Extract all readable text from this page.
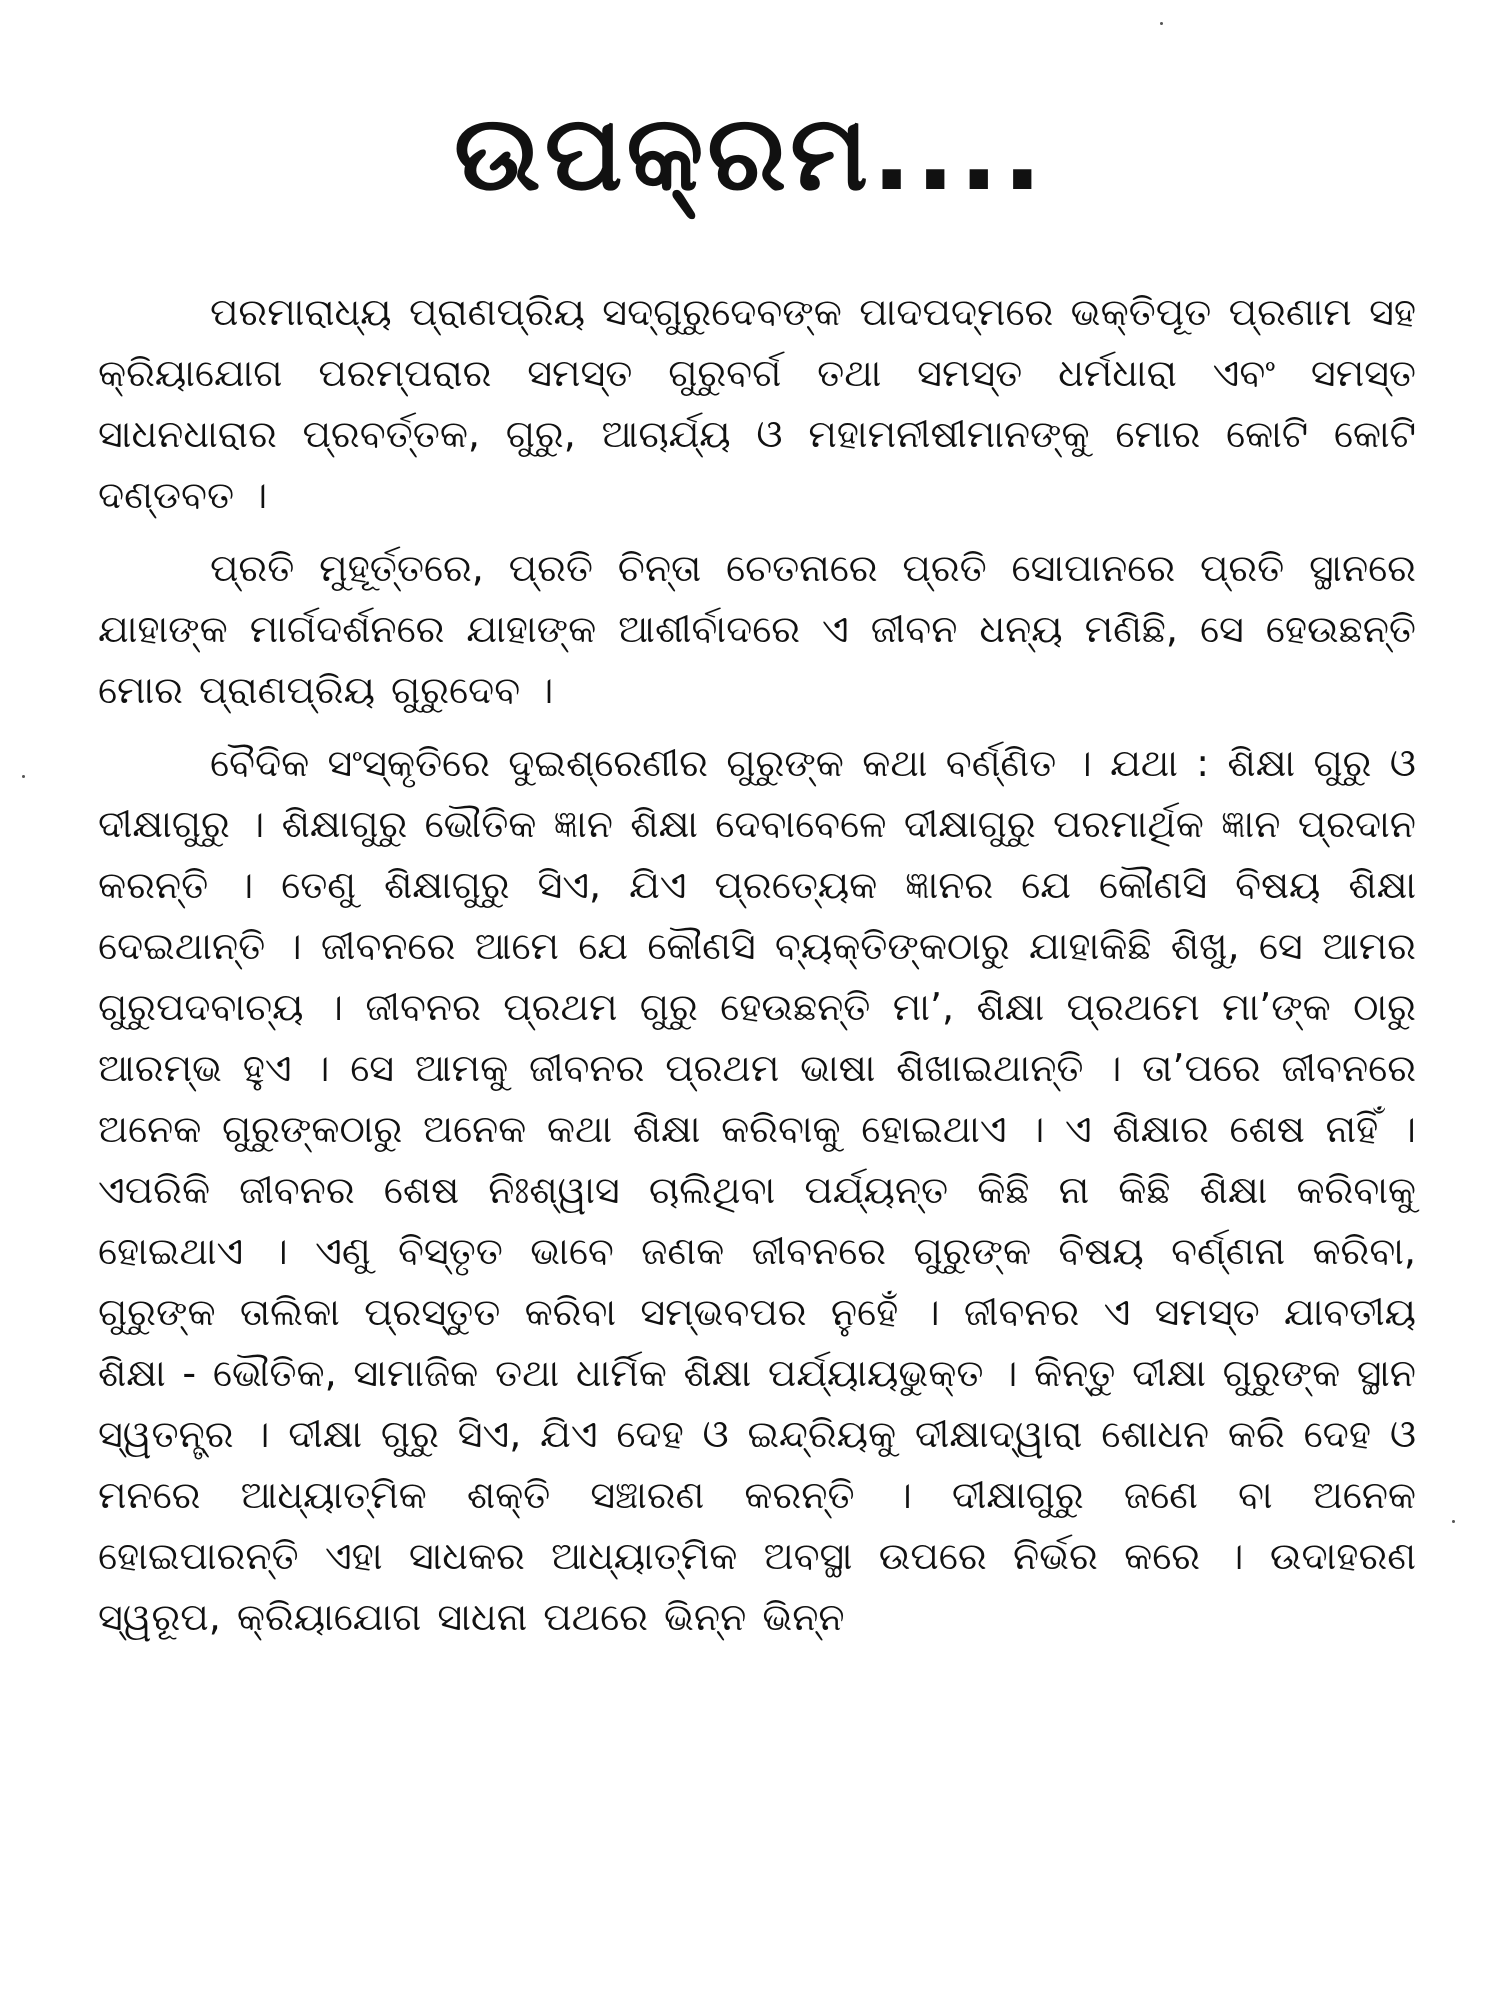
ଉପକ୍ରମ....

ପରମାରାଧ୍ୟ ପ୍ରାଣପ୍ରିୟ ସଦ୍‌ଗୁରୁଦେବଙ୍କ ପାଦପଦ୍ମରେ ଭକ୍ତିପୂତ ପ୍ରଣାମ ସହ କ୍ରିୟାଯୋଗ ପରମ୍ପରାର ସମସ୍ତ ଗୁରୁବର୍ଗ ତଥା ସମସ୍ତ ଧର୍ମଧାରା ଏବଂ ସମସ୍ତ ସାଧନଧାରାର ପ୍ରବର୍ତ୍ତକ, ଗୁରୁ, ଆଚାର୍ଯ୍ୟ ଓ ମହାମନୀଷୀମାନଙ୍କୁ ମୋର କୋଟି କୋଟି ଦଣ୍ଡବତ ।

ପ୍ରତି ମୁହୂର୍ତ୍ତରେ, ପ୍ରତି ଚିନ୍ତା ଚେତନାରେ ପ୍ରତି ସୋପାନରେ ପ୍ରତି ସ୍ଥାନରେ ଯାହାଙ୍କ ମାର୍ଗଦର୍ଶନରେ ଯାହାଙ୍କ ଆଶୀର୍ବାଦରେ ଏ ଜୀବନ ଧନ୍ୟ ମଣିଛି, ସେ ହେଉଛନ୍ତି ମୋର ପ୍ରାଣପ୍ରିୟ ଗୁରୁଦେବ ।

ବୈଦିକ ସଂସ୍କୃତିରେ ଦୁଇଶ୍ରେଣୀର ଗୁରୁଙ୍କ କଥା ବର୍ଣ୍ଣିତ । ଯଥା : ଶିକ୍ଷା ଗୁରୁ ଓ ଦୀକ୍ଷାଗୁରୁ । ଶିକ୍ଷାଗୁରୁ ଭୌତିକ ଜ୍ଞାନ ଶିକ୍ଷା ଦେବାବେଳେ ଦୀକ୍ଷାଗୁରୁ ପରମାର୍ଥିକ ଜ୍ଞାନ ପ୍ରଦାନ କରନ୍ତି । ତେଣୁ ଶିକ୍ଷାଗୁରୁ ସିଏ, ଯିଏ ପ୍ରତ୍ୟେକ ଜ୍ଞାନର ଯେ କୌଣସି ବିଷୟ ଶିକ୍ଷା ଦେଇଥାନ୍ତି । ଜୀବନରେ ଆମେ ଯେ କୌଣସି ବ୍ୟକ୍ତିଙ୍କଠାରୁ ଯାହାକିଛି ଶିଖୁ, ସେ ଆମର ଗୁରୁପଦବାଚ୍ୟ । ଜୀବନର ପ୍ରଥମ ଗୁରୁ ହେଉଛନ୍ତି ମା’, ଶିକ୍ଷା ପ୍ରଥମେ ମା’ଙ୍କ ଠାରୁ ଆରମ୍ଭ ହୁଏ । ସେ ଆମକୁ ଜୀବନର ପ୍ରଥମ ଭାଷା ଶିଖାଇଥାନ୍ତି । ତା’ପରେ ଜୀବନରେ ଅନେକ ଗୁରୁଙ୍କଠାରୁ ଅନେକ କଥା ଶିକ୍ଷା କରିବାକୁ ହୋଇଥାଏ । ଏ ଶିକ୍ଷାର ଶେଷ ନାହିଁ । ଏପରିକି ଜୀବନର ଶେଷ ନିଃଶ୍ୱାସ ଚାଲିଥିବା ପର୍ଯ୍ୟନ୍ତ କିଛି ନା କିଛି ଶିକ୍ଷା କରିବାକୁ ହୋଇଥାଏ । ଏଣୁ ବିସ୍ତୃତ ଭାବେ ଜଣକ ଜୀବନରେ ଗୁରୁଙ୍କ ବିଷୟ ବର୍ଣ୍ଣନା କରିବା, ଗୁରୁଙ୍କ ତାଲିକା ପ୍ରସ୍ତୁତ କରିବା ସମ୍ଭବପର ନୁହେଁ । ଜୀବନର ଏ ସମସ୍ତ ଯାବତୀୟ ଶିକ୍ଷା - ଭୌତିକ, ସାମାଜିକ ତଥା ଧାର୍ମିକ ଶିକ୍ଷା ପର୍ଯ୍ୟାୟଭୁକ୍ତ । କିନ୍ତୁ ଦୀକ୍ଷା ଗୁରୁଙ୍କ ସ୍ଥାନ ସ୍ୱତନ୍ତ୍ର । ଦୀକ୍ଷା ଗୁରୁ ସିଏ, ଯିଏ ଦେହ ଓ ଇନ୍ଦ୍ରିୟକୁ ଦୀକ୍ଷାଦ୍ୱାରା ଶୋଧନ କରି ଦେହ ଓ ମନରେ ଆଧ୍ୟାତ୍ମିକ ଶକ୍ତି ସଞ୍ଚାରଣ କରନ୍ତି । ଦୀକ୍ଷାଗୁରୁ ଜଣେ ବା ଅନେକ ହୋଇପାରନ୍ତି ଏହା ସାଧକର ଆଧ୍ୟାତ୍ମିକ ଅବସ୍ଥା ଉପରେ ନିର୍ଭର କରେ । ଉଦାହରଣ ସ୍ୱରୂପ, କ୍ରିୟାଯୋଗ ସାଧନା ପଥରେ ଭିନ୍ନ ଭିନ୍ନ
